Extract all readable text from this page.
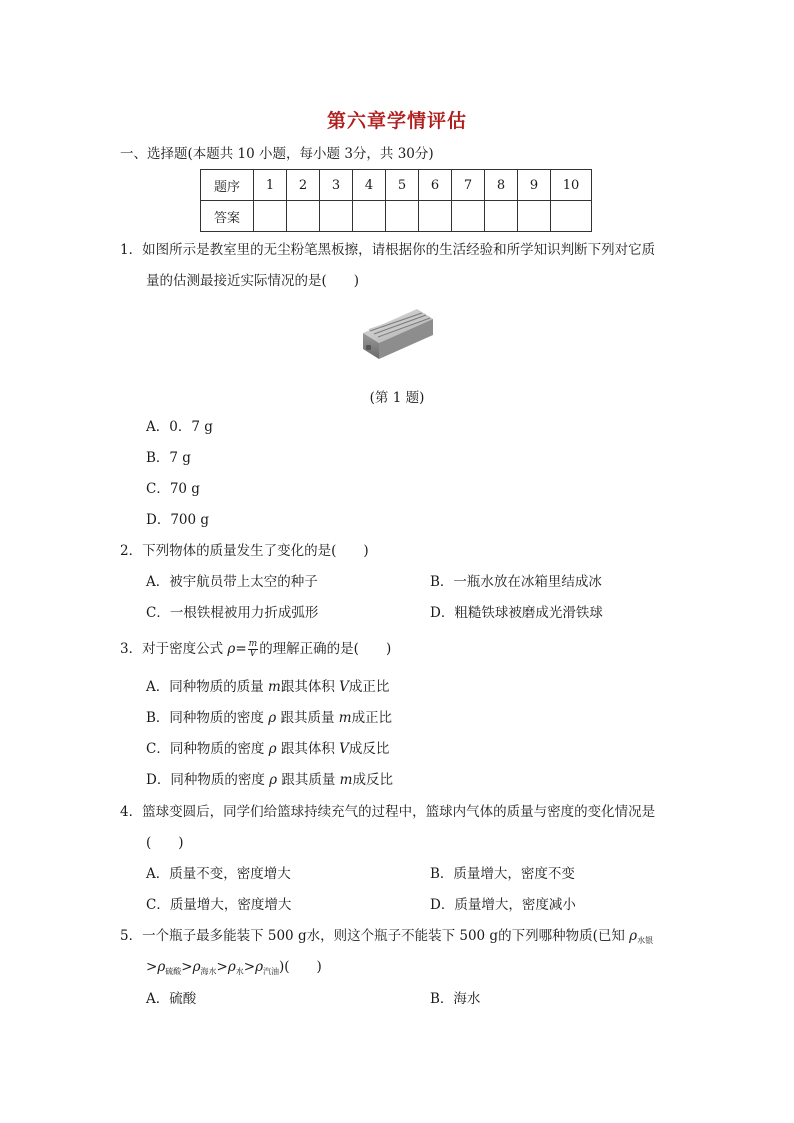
第六章学情评估
一、选择题(本题共 10 小题，每小题 3分，共 30分)
题序	1	2	3	4	5	6	7	8	9	10
答案										
1．如图所示是教室里的无尘粉笔黑板擦，请根据你的生活经验和所学知识判断下列对它质
量的估测最接近实际情况的是(　　)
(第 1 题)
A．0．7 g
B．7 g
C．70 g
D．700 g
2．下列物体的质量发生了变化的是(　　)
A．被宇航员带上太空的种子	B．一瓶水放在冰箱里结成冰
C．一根铁棍被用力折成弧形	D．粗糙铁球被磨成光滑铁球
3．对于密度公式 $\rho= \frac{m}{V}$ 的理解正确的是(　　)
A．同种物质的质量 m跟其体积 V成正比
B．同种物质的密度 ρ 跟其质量 m成正比
C．同种物质的密度 ρ 跟其体积 V成反比
D．同种物质的密度 ρ 跟其质量 m成反比
4．篮球变圆后，同学们给篮球持续充气的过程中，篮球内气体的质量与密度的变化情况是
(　　)
A．质量不变，密度增大	B．质量增大，密度不变
C．质量增大，密度增大	D．质量增大，密度减小
5．一个瓶子最多能装下 500 g水，则这个瓶子不能装下 500 g的下列哪种物质(已知 $\rho_{水银}$
$>\rho_{硫酸}>\rho_{海水}>\rho_水>\rho_{汽油}$)(　　)
A．硫酸	B．海水
